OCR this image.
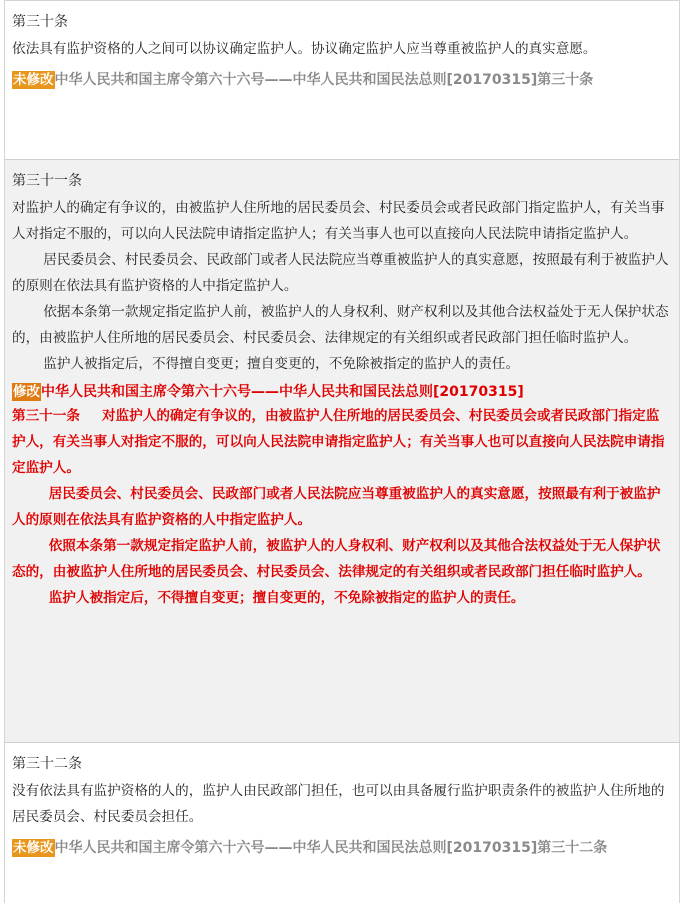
第三十条

依法具有监护资格的人之间可以协议确定监护人。协议确定监护人应当尊重被监护人的真实意愿。

未修改中华人民共和国主席令第六十六号——中华人民共和国民法总则[20170315]第三十条
第三十一条

对监护人的确定有争议的，由被监护人住所地的居民委员会、村民委员会或者民政部门指定监护人，有关当事人对指定不服的，可以向人民法院申请指定监护人；有关当事人也可以直接向人民法院申请指定监护人。

居民委员会、村民委员会、民政部门或者人民法院应当尊重被监护人的真实意愿，按照最有利于被监护人的原则在依法具有监护资格的人中指定监护人。

依据本条第一款规定指定监护人前，被监护人的人身权利、财产权利以及其他合法权益处于无人保护状态的，由被监护人住所地的居民委员会、村民委员会、法律规定的有关组织或者民政部门担任临时监护人。

监护人被指定后，不得擅自变更；擅自变更的，不免除被指定的监护人的责任。

修改中华人民共和国主席令第六十六号——中华人民共和国民法总则[20170315]

第三十一条 对监护人的确定有争议的，由被监护人住所地的居民委员会、村民委员会或者民政部门指定监护人，有关当事人对指定不服的，可以向人民法院申请指定监护人；有关当事人也可以直接向人民法院申请指定监护人。

居民委员会、村民委员会、民政部门或者人民法院应当尊重被监护人的真实意愿，按照最有利于被监护人的原则在依法具有监护资格的人中指定监护人。

依照本条第一款规定指定监护人前，被监护人的人身权利、财产权利以及其他合法权益处于无人保护状态的，由被监护人住所地的居民委员会、村民委员会、法律规定的有关组织或者民政部门担任临时监护人。

监护人被指定后，不得擅自变更；擅自变更的，不免除被指定的监护人的责任。

第三十二条

没有依法具有监护资格的人的，监护人由民政部门担任，也可以由具备履行监护职责条件的被监护人住所地的居民委员会、村民委员会担任。

未修改中华人民共和国主席令第六十六号——中华人民共和国民法总则[20170315]第三十二条
